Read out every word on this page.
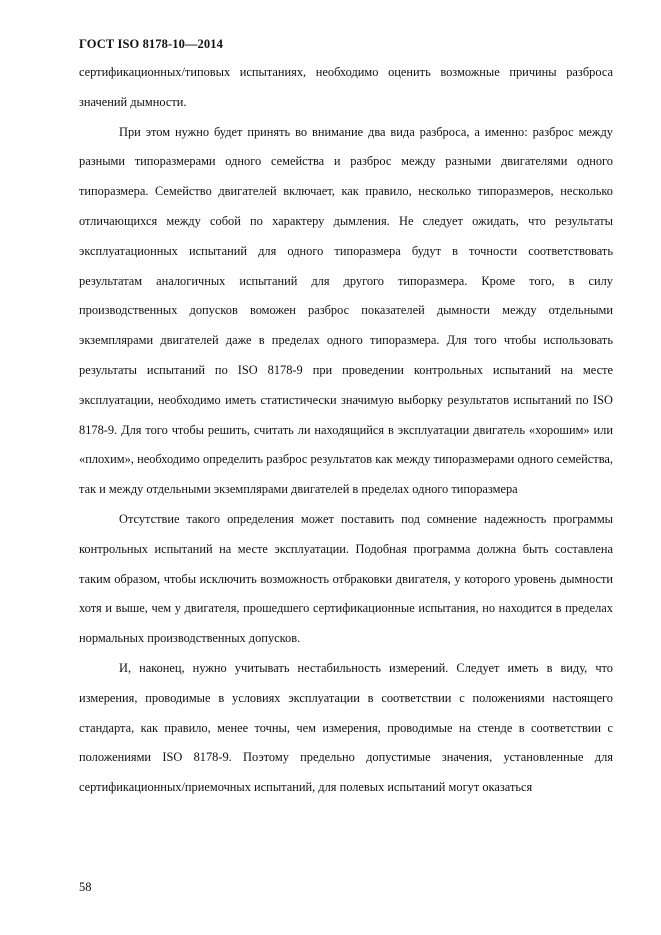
ГОСТ ISO 8178-10—2014

сертификационных/типовых испытаниях, необходимо оценить возможные причины разброса значений дымности.

При этом нужно будет принять во внимание два вида разброса, а именно: разброс между разными типоразмерами одного семейства и разброс между разными двигателями одного типоразмера. Семейство двигателей включает, как правило, несколько типоразмеров, несколько отличающихся между собой по характеру дымления. Не следует ожидать, что результаты эксплуатационных испытаний для одного типоразмера будут в точности соответствовать результатам аналогичных испытаний для другого типоразмера. Кроме того, в силу производственных допусков воможен разброс показателей дымности между отдельными экземплярами двигателей даже в пределах одного типоразмера. Для того чтобы использовать результаты испытаний по ISO 8178-9 при проведении контрольных испытаний на месте эксплуатации, необходимо иметь статистически значимую выборку результатов испытаний по ISO 8178-9. Для того чтобы решить, считать ли находящийся в эксплуатации двигатель «хорошим» или «плохим», необходимо определить разброс результатов как между типоразмерами одного семейства, так и между отдельными экземплярами двигателей в пределах одного типоразмера

Отсутствие такого определения может поставить под сомнение надежность программы контрольных испытаний на месте эксплуатации. Подобная программа должна быть составлена таким образом, чтобы исключить возможность отбраковки двигателя, у которого уровень дымности хотя и выше, чем у двигателя, прошедшего сертификационные испытания, но находится в пределах нормальных производственных допусков.

И, наконец, нужно учитывать нестабильность измерений. Следует иметь в виду, что измерения, проводимые в условиях эксплуатации в соответствии с положениями настоящего стандарта, как правило, менее точны, чем измерения, проводимые на стенде в соответствии с положениями ISO 8178-9. Поэтому предельно допустимые значения, установленные для сертификационных/приемочных испытаний, для полевых испытаний могут оказаться

58
